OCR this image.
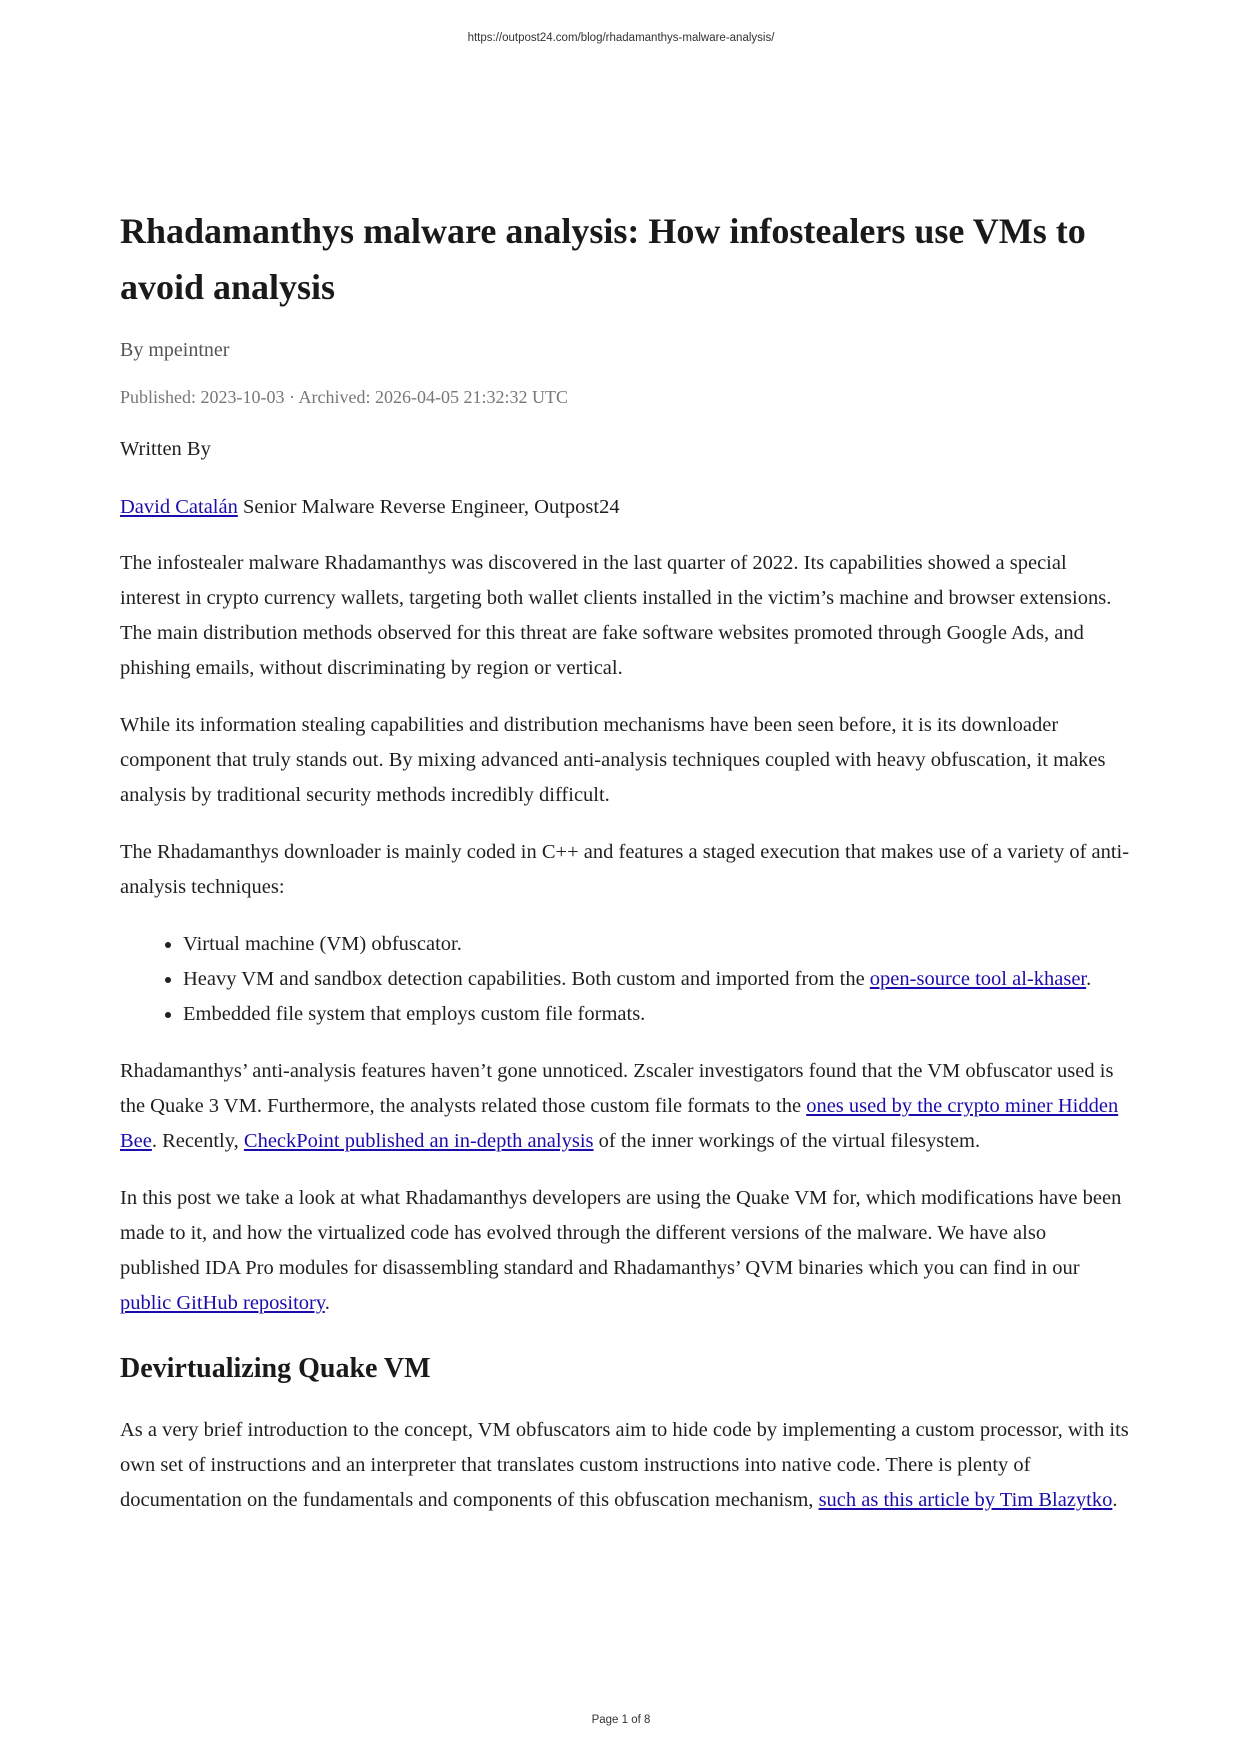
https://outpost24.com/blog/rhadamanthys-malware-analysis/
Rhadamanthys malware analysis: How infostealers use VMs to avoid analysis
By mpeintner
Published: 2023-10-03 · Archived: 2026-04-05 21:32:32 UTC

Written By

David Catalán Senior Malware Reverse Engineer, Outpost24

The infostealer malware Rhadamanthys was discovered in the last quarter of 2022. Its capabilities showed a special interest in crypto currency wallets, targeting both wallet clients installed in the victim’s machine and browser extensions. The main distribution methods observed for this threat are fake software websites promoted through Google Ads, and phishing emails, without discriminating by region or vertical.

While its information stealing capabilities and distribution mechanisms have been seen before, it is its downloader component that truly stands out. By mixing advanced anti-analysis techniques coupled with heavy obfuscation, it makes analysis by traditional security methods incredibly difficult.

The Rhadamanthys downloader is mainly coded in C++ and features a staged execution that makes use of a variety of anti-analysis techniques:

• Virtual machine (VM) obfuscator.
• Heavy VM and sandbox detection capabilities. Both custom and imported from the open-source tool al-khaser.
• Embedded file system that employs custom file formats.

Rhadamanthys’ anti-analysis features haven’t gone unnoticed. Zscaler investigators found that the VM obfuscator used is the Quake 3 VM. Furthermore, the analysts related those custom file formats to the ones used by the crypto miner Hidden Bee. Recently, CheckPoint published an in-depth analysis of the inner workings of the virtual filesystem.

In this post we take a look at what Rhadamanthys developers are using the Quake VM for, which modifications have been made to it, and how the virtualized code has evolved through the different versions of the malware. We have also published IDA Pro modules for disassembling standard and Rhadamanthys’ QVM binaries which you can find in our public GitHub repository.

Devirtualizing Quake VM

As a very brief introduction to the concept, VM obfuscators aim to hide code by implementing a custom processor, with its own set of instructions and an interpreter that translates custom instructions into native code. There is plenty of documentation on the fundamentals and components of this obfuscation mechanism, such as this article by Tim Blazytko.

Page 1 of 8
